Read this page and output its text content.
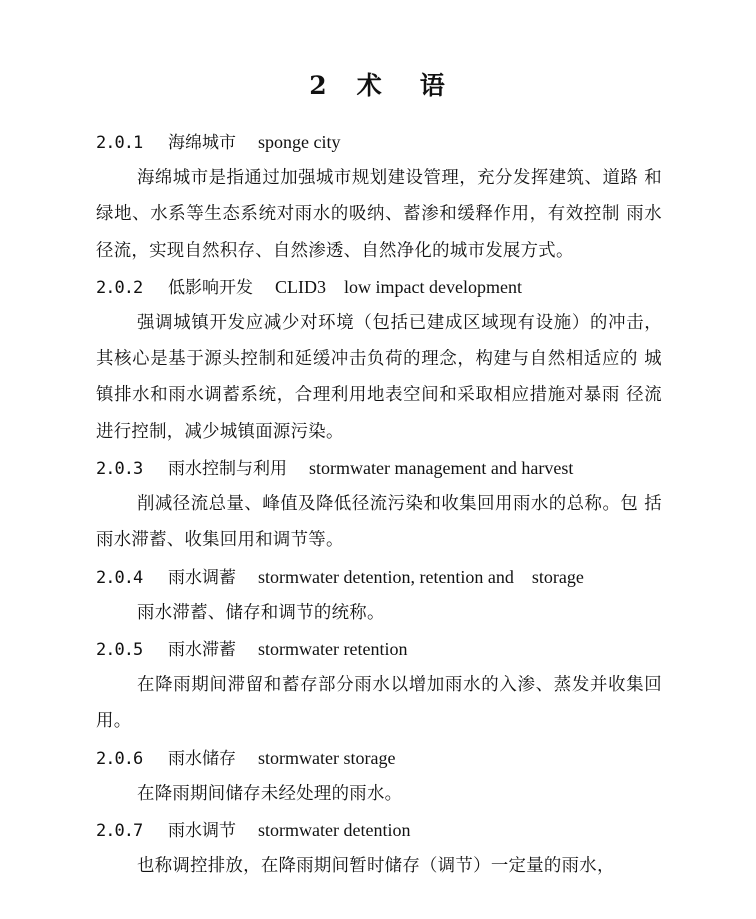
2 术 语
2.0.1 海绵城市 sponge city

海绵城市是指通过加强城市规划建设管理，充分发挥建筑、道路 和绿地、水系等生态系统对雨水的吸纳、蓄渗和缓释作用，有效控制 雨水径流，实现自然积存、自然渗透、自然净化的城市发展方式。

2.0.2 低影响开发 CLID3    low impact development

强调城镇开发应减少对环境（包括已建成区域现有设施）的冲击， 其核心是基于源头控制和延缓冲击负荷的理念，构建与自然相适应的 城镇排水和雨水调蓄系统，合理利用地表空间和采取相应措施对暴雨 径流进行控制，减少城镇面源污染。

2.0.3 雨水控制与利用 stormwater management and harvest

削减径流总量、峰值及降低径流污染和收集回用雨水的总称。包 括雨水滞蓄、收集回用和调节等。

2.0.4 雨水调蓄 stormwater detention, retention and    storage

雨水滞蓄、储存和调节的统称。

2.0.5 雨水滞蓄 stormwater retention

在降雨期间滞留和蓄存部分雨水以增加雨水的入渗、蒸发并收集回用。

2.0.6 雨水储存 stormwater storage

在降雨期间储存未经处理的雨水。

2.0.7 雨水调节 stormwater detention

也称调控排放，在降雨期间暂时储存（调节）一定量的雨水，
